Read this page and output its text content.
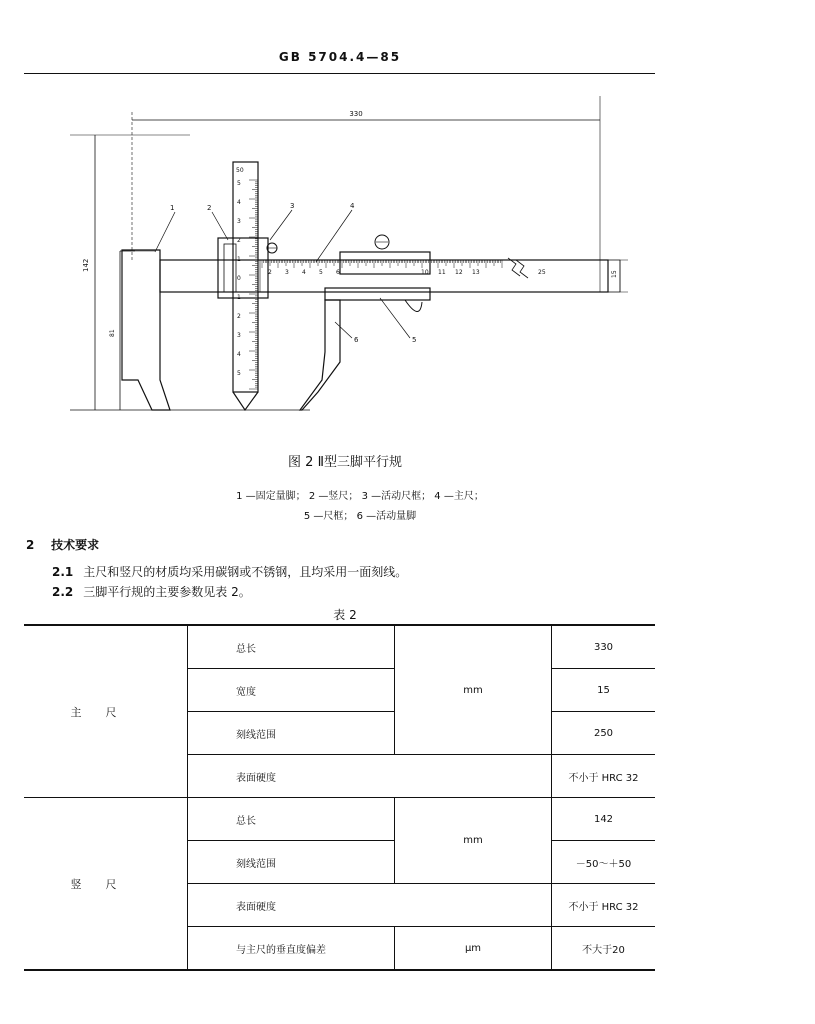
GB 5704.4—85
330
142
81
2 3 4 5 6	10 11 12 13	25	15
5
4
3
2
1
0
1
2
3
4
5
50
1	2	3	4
5
6
图 2 Ⅱ型三脚平行规
1 —固定量脚； 2 —竖尺； 3 —活动尺框； 4 —主尺；
5 —尺框； 6 —活动量脚
2 技术要求
2.1 主尺和竖尺的材质均采用碳钢或不锈钢，且均采用一面刻线。
2.2 三脚平行规的主要参数见表 2。
表 2
主尺	总长	mm	330
	宽度		15
	刻线范围		250
	表面硬度		不小于 HRC 32
竖尺	总长	mm	142
	刻线范围		－50～＋50
	表面硬度		不小于 HRC 32
	与主尺的垂直度偏差	μm	不大于20
